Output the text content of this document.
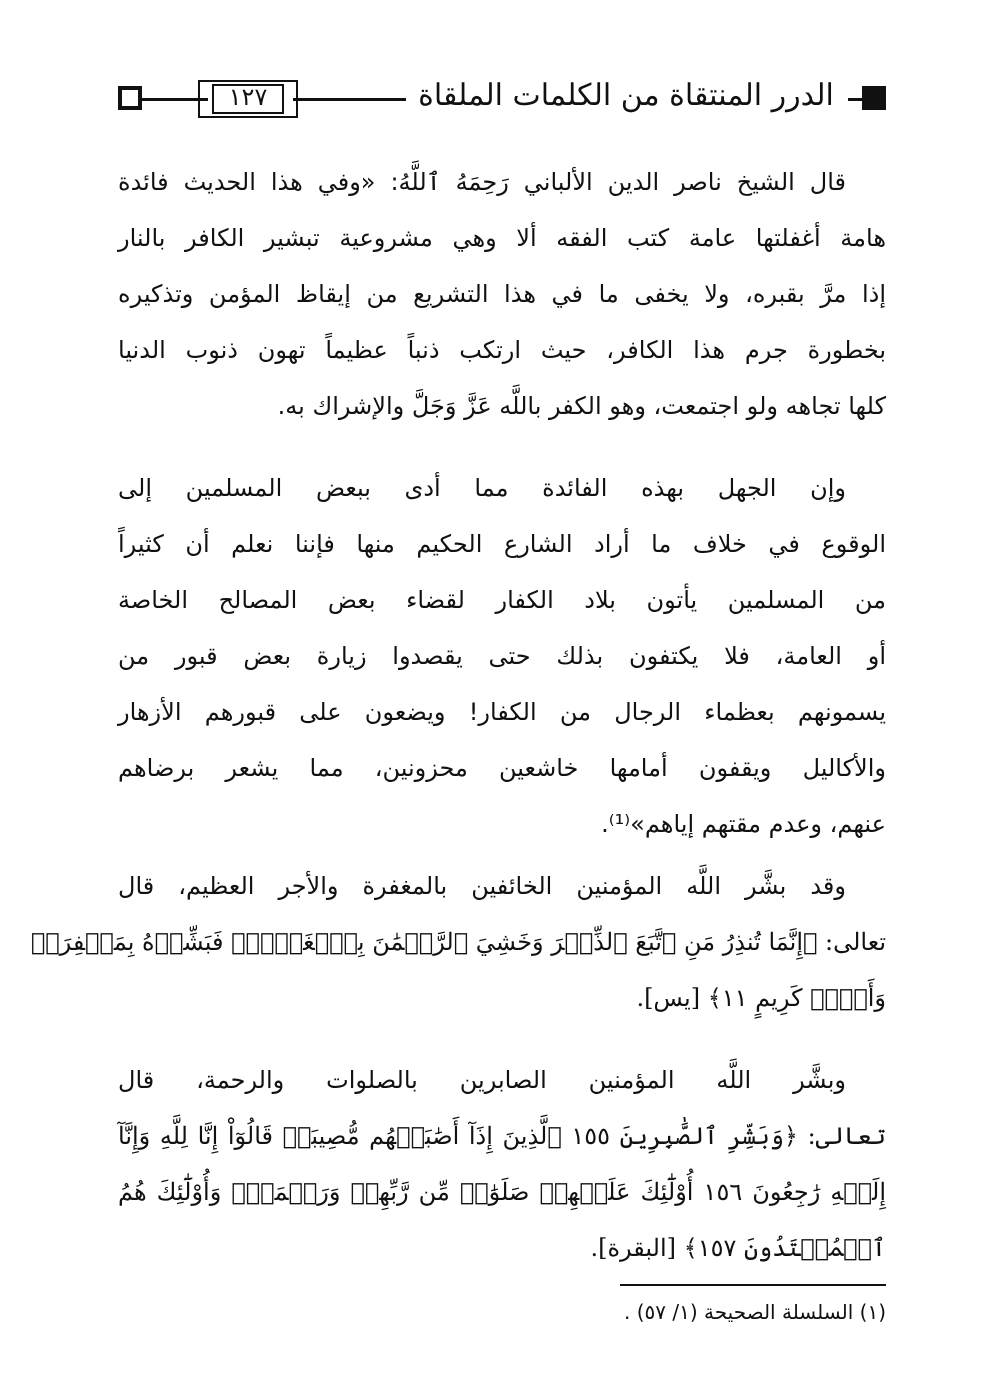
١٢٧	الدرر المنتقاة من الكلمات الملقاة
قال الشيخ ناصر الدين الألباني رَحِمَهُ ٱللَّهُ: «وفي هذا الحديث فائدة
هامة أغفلتها عامة كتب الفقه ألا وهي مشروعية تبشير الكافر بالنار
إذا مرَّ بقبره، ولا يخفى ما في هذا التشريع من إيقاظ المؤمن وتذكيره
بخطورة جرم هذا الكافر، حيث ارتكب ذنباً عظيماً تهون ذنوب الدنيا
كلها تجاهه ولو اجتمعت، وهو الكفر باللَّه عَزَّ وَجَلَّ والإشراك به.
وإن الجهل بهذه الفائدة مما أدى ببعض المسلمين إلى
الوقوع في خلاف ما أراد الشارع الحكيم منها فإننا نعلم أن كثيراً
من المسلمين يأتون بلاد الكفار لقضاء بعض المصالح الخاصة
أو العامة، فلا يكتفون بذلك حتى يقصدوا زيارة بعض قبور من
يسمونهم بعظماء الرجال من الكفار! ويضعون على قبورهم الأزهار
والأكاليل ويقفون أمامها خاشعين محزونين، مما يشعر برضاهم
عنهم، وعدم مقتهم إياهم»⁽¹⁾.
وقد بشَّر اللَّه المؤمنين الخائفين بالمغفرة والأجر العظيم، قال
تعالى: ﴿إِنَّمَا تُنذِرُ مَنِ ٱتَّبَعَ ٱلذِّكۡرَ وَخَشِيَ ٱلرَّحۡمَٰنَ بِٱلۡغَيۡبِۖ فَبَشِّرۡهُ بِمَغۡفِرَةٖ
وَأَجۡرٖ كَرِيمٍ ١١﴾ [يس].
وبشَّر اللَّه المؤمنين الصابرين بالصلوات والرحمة، قال
تعالى: ﴿وَبَشِّرِ ٱلصَّٰبِرِينَ ١٥٥ ٱلَّذِينَ إِذَآ أَصَٰبَتۡهُم مُّصِيبَةٞ قَالُوٓاْ إِنَّا لِلَّهِ وَإِنَّآ
إِلَيۡهِ رَٰجِعُونَ ١٥٦ أُوْلَٰٓئِكَ عَلَيۡهِمۡ صَلَوَٰتٞ مِّن رَّبِّهِمۡ وَرَحۡمَةٞۖ وَأُوْلَٰٓئِكَ هُمُ
ٱلۡمُهۡتَدُونَ ١٥٧﴾ [البقرة].
(١) السلسلة الصحيحة (١/ ٥٧) .
